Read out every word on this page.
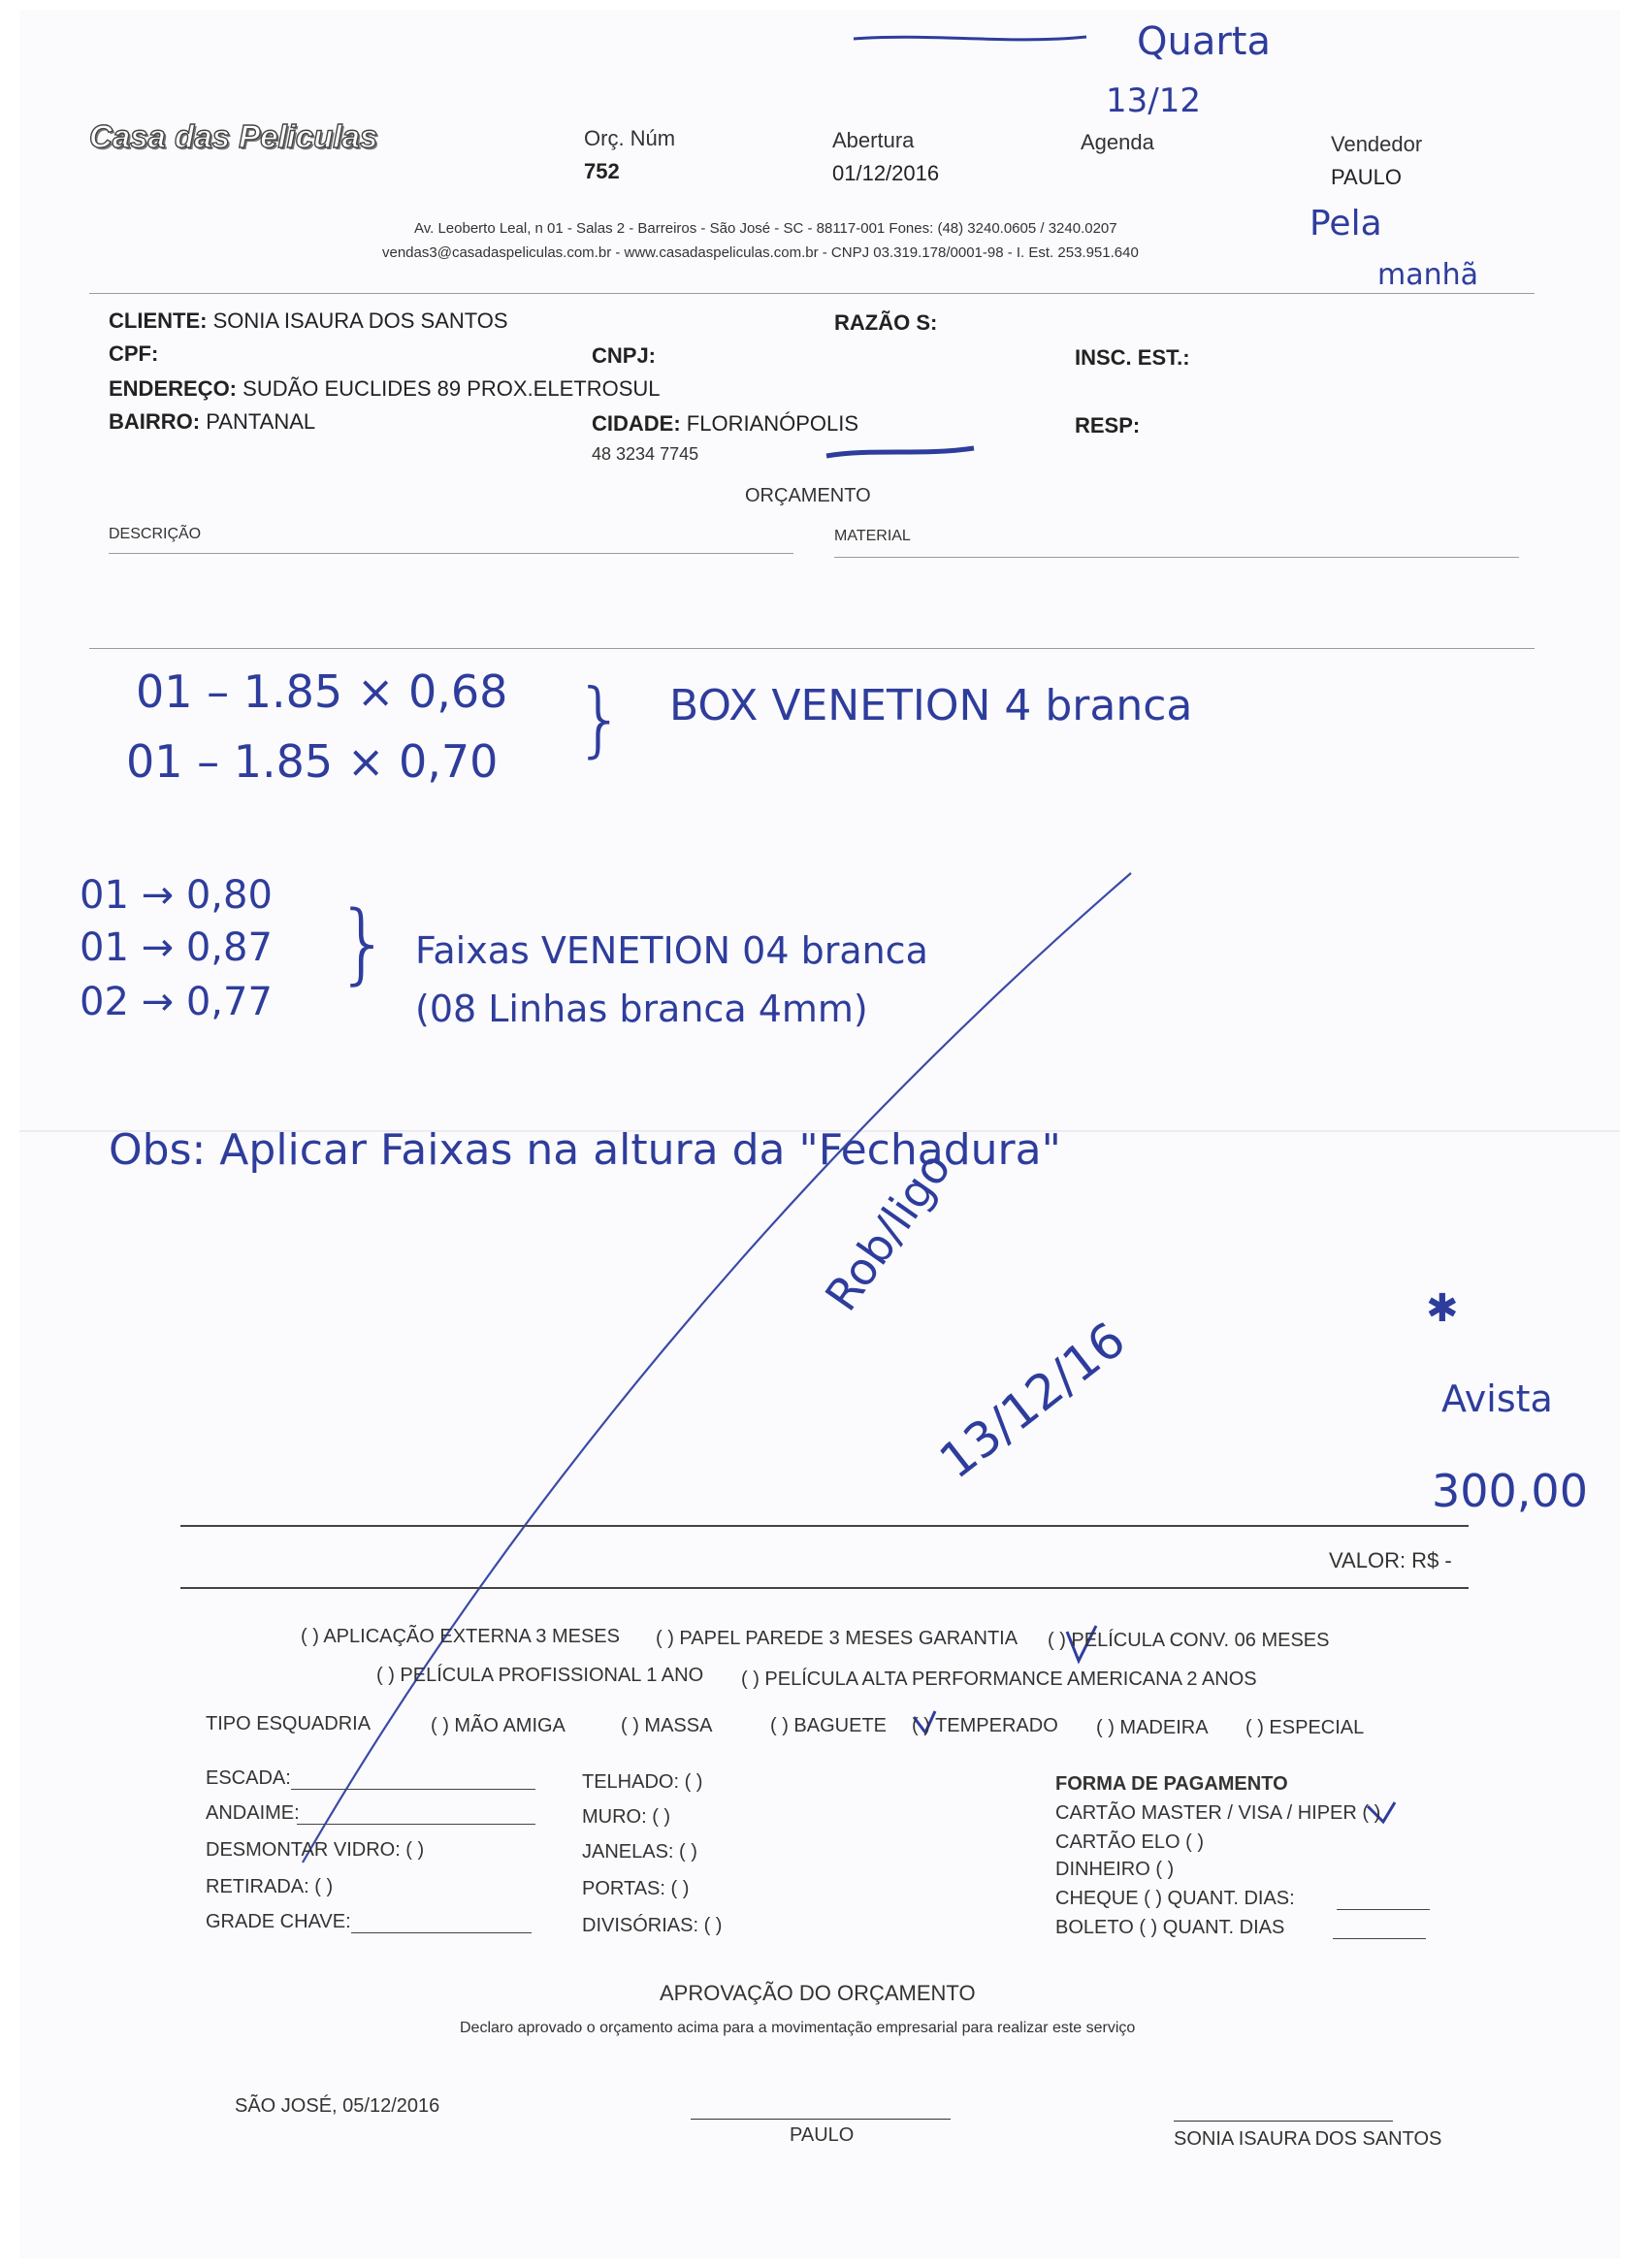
Casa das Peliculas	Orç. Núm
752
Abertura
01/12/2016
Agenda	Vendedor
PAULO
Av. Leoberto Leal, n 01 - Salas 2 - Barreiros - São José - SC - 88117-001 Fones: (48) 3240.0605 / 3240.0207
vendas3@casadaspeliculas.com.br - www.casadaspeliculas.com.br - CNPJ 03.319.178/0001-98 - I. Est. 253.951.640
CLIENTE: SONIA ISAURA DOS SANTOS	RAZÃO S:
CPF:	CNPJ:	INSC. EST.:
ENDEREÇO: SUDÃO EUCLIDES 89 PROX.ELETROSUL
BAIRRO: PANTANAL	CIDADE: FLORIANÓPOLIS	RESP:
48 3234 7745
ORÇAMENTO
DESCRIÇÃO	MATERIAL
Quarta
13/12
Pela
manhã
01 – 1.85 × 0,68
01 – 1.85 × 0,70 } BOX VENETION 4 branca
01 → 0,80
01 → 0,87
02 → 0,77
} Faixas VENETION 04 branca
(08 Linhas branca 4mm)
Obs: Aplicar Faixas na altura da "Fechadura"
Rob/ligo
13/12/16
✱
Avista
300,00
VALOR: R$ -
( ) APLICAÇÃO EXTERNA 3 MESES ( ) PAPEL PAREDE 3 MESES GARANTIA ( ) PELÍCULA CONV. 06 MESES
( ) PELÍCULA PROFISSIONAL 1 ANO ( ) PELÍCULA ALTA PERFORMANCE AMERICANA 2 ANOS
TIPO ESQUADRIA	( ) MÃO AMIGA	( ) MASSA	( ) BAGUETE ( ) TEMPERADO ( ) MADEIRA ( ) ESPECIAL
ESCADA:
ANDAIME:
DESMONTAR VIDRO: ( )
RETIRADA: ( )
GRADE CHAVE:
TELHADO: ( )
MURO: ( )
JANELAS: ( )
PORTAS: ( )
DIVISÓRIAS: ( )
FORMA DE PAGAMENTO
CARTÃO MASTER / VISA / HIPER ( )
CARTÃO ELO ( )
DINHEIRO ( )
CHEQUE ( ) QUANT. DIAS:
BOLETO ( ) QUANT. DIAS
APROVAÇÃO DO ORÇAMENTO
Declaro aprovado o orçamento acima para a movimentação empresarial para realizar este serviço
SÃO JOSÉ, 05/12/2016
PAULO	SONIA ISAURA DOS SANTOS
